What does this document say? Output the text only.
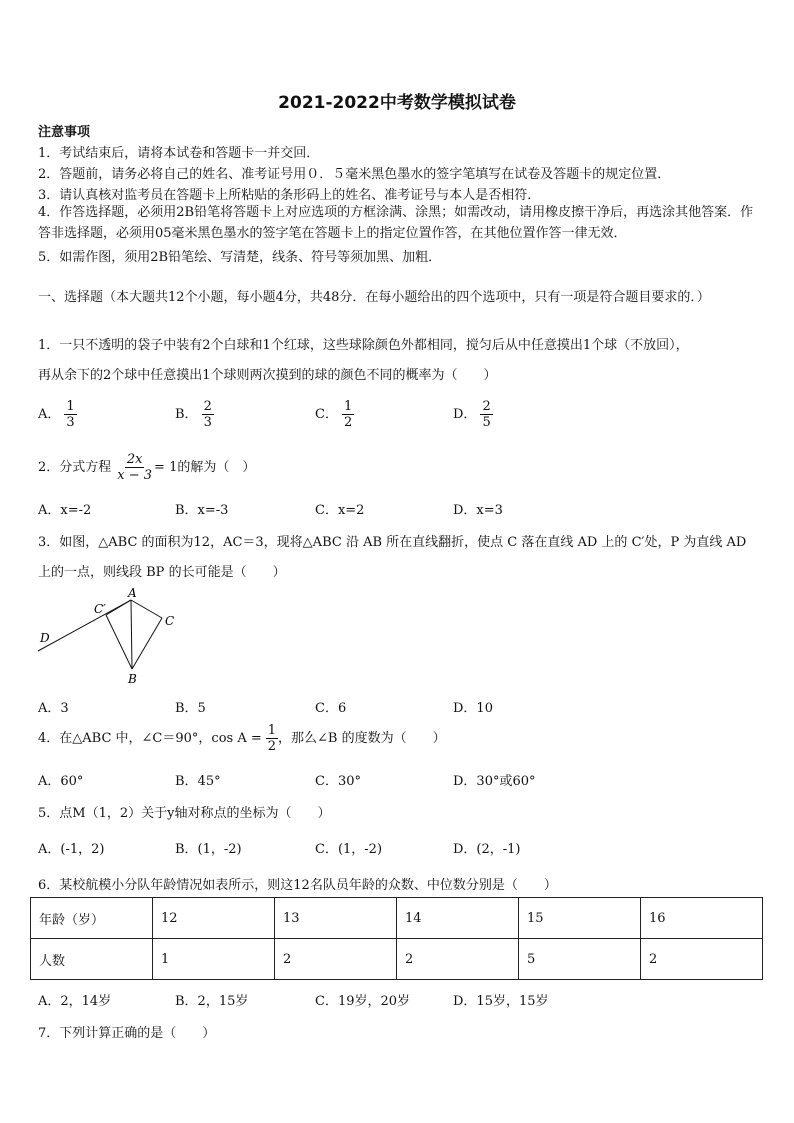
2021-2022中考数学模拟试卷
注意事项
1．考试结束后，请将本试卷和答题卡一并交回．
2．答题前，请务必将自己的姓名、准考证号用０．５毫米黑色墨水的签字笔填写在试卷及答题卡的规定位置．
3．请认真核对监考员在答题卡上所粘贴的条形码上的姓名、准考证号与本人是否相符．
4．作答选择题，必须用2B铅笔将答题卡上对应选项的方框涂满、涂黑；如需改动，请用橡皮擦干净后，再选涂其他答案．作答非选择题，必须用05毫米黑色墨水的签字笔在答题卡上的指定位置作答，在其他位置作答一律无效．
5．如需作图，须用2B铅笔绘、写清楚，线条、符号等须加黑、加粗．
一、选择题（本大题共12个小题，每小题4分，共48分．在每小题给出的四个选项中，只有一项是符合题目要求的．）
1．一只不透明的袋子中装有2个白球和1个红球，这些球除颜色外都相同，搅匀后从中任意摸出1个球（不放回），
再从余下的2个球中任意摸出1个球则两次摸到的球的颜色不同的概率为（　　）
A． $\frac{1}{3}$	B． $\frac{2}{3}$	C． $\frac{1}{2}$	D． $\frac{2}{5}$
2．分式方程 $\frac{2x}{x - 3} = 1$的解为（　）
A．x=-2	B．x=-3	C．x=2	D．x=3
3．如图，△ABC 的面积为12，AC＝3，现将△ABC 沿 AB 所在直线翻折，使点 C 落在直线 AD 上的 C′处，P 为直线 AD
上的一点，则线段 BP 的长可能是（　　）
A
B
C
C′
D
A．3	B．5	C．6	D．10
4．在△ABC 中，∠C＝90°，$\cos A = \frac{1}{2}$ ，那么∠B 的度数为（　　）
A．60°	B．45°	C．30°	D．30°或60°
5．点M（1，2）关于y轴对称点的坐标为（　　）
A．(-1，2)	B．(1，-2)	C．(1，-2)	D．(2，-1)
6．某校航模小分队年龄情况如表所示，则这12名队员年龄的众数、中位数分别是（　　）
年龄（岁）	12	13	14	15	16
人数	1	2	2	5	2
A．2，14岁	B．2，15岁	C．19岁，20岁	D．15岁，15岁
7．下列计算正确的是（　　）
